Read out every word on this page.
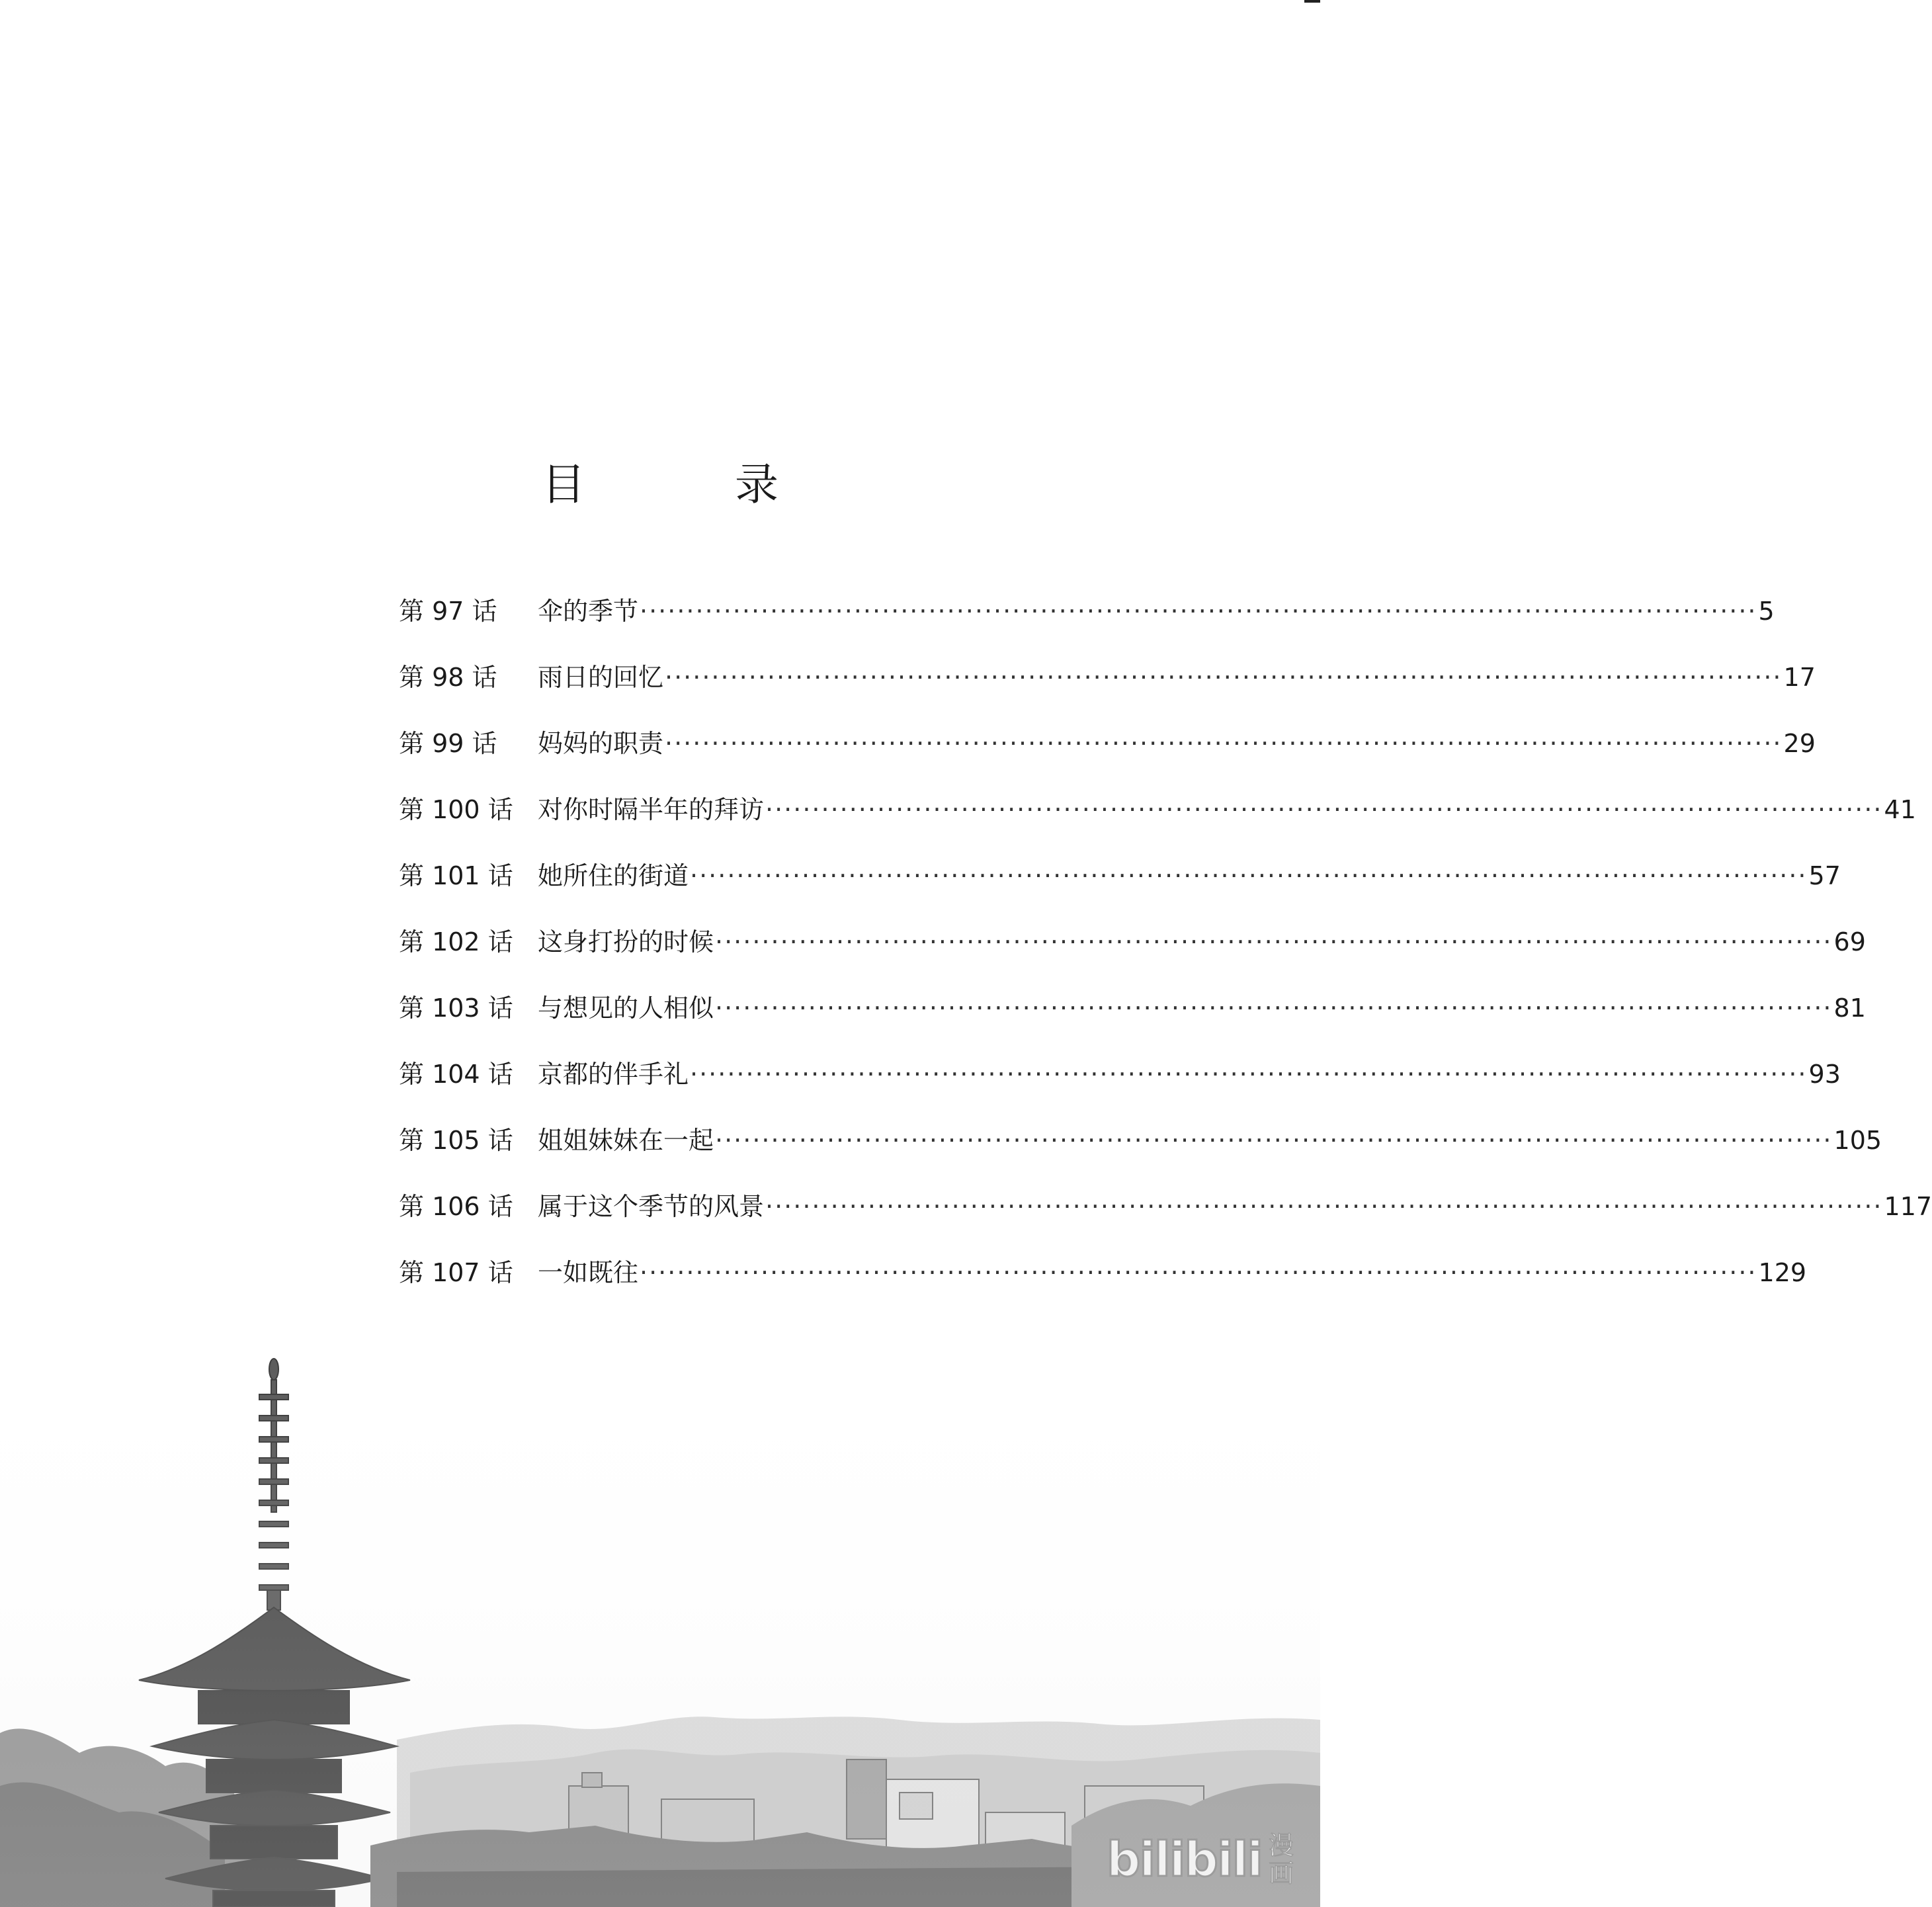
目　录
第 97 话	伞的季节 ························································································································ 5
第 98 话	雨日的回忆 ························································································································ 17
第 99 话	妈妈的职责 ························································································································ 29
第 100 话 对你时隔半年的拜访 ························································································································ 41
第 101 话 她所住的街道 ························································································································ 57
第 102 话 这身打扮的时候 ························································································································ 69
第 103 话 与想见的人相似 ························································································································ 81
第 104 话 京都的伴手礼 ························································································································ 93
第 105 话 姐姐妹妹在一起 ························································································································ 105
第 106 话 属于这个季节的风景 ························································································································ 117
第 107 话 一如既往 ························································································································ 129
bilibili 漫
画
